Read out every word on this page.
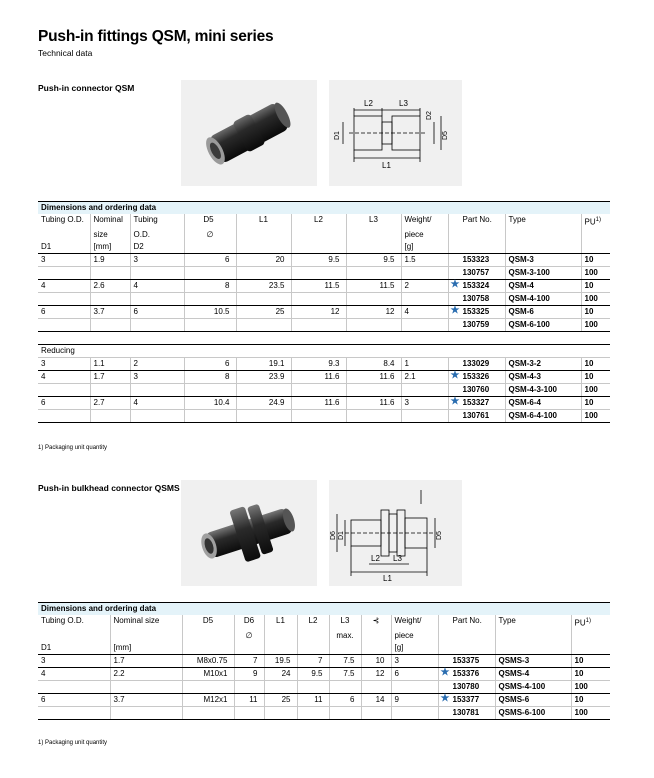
Push-in fittings QSM, mini series
Technical data
Push-in connector QSM
L2	L3
L1
D1
D2
D5
Dimensions and ordering data										
Tubing O.D.	Nominal	Tubing	D5	L1	L2	L3	Weight/	Part No.	Type	PU$^{1)}$
	size	O.D.	∅				piece			
D1	[mm]	D2					[g]			
3	1.9	3	6	20	9.5	9.5	1.5	153323	QSM-3	10
								130757	QSM-3-100	100
4	2.6	4	8	23.5	11.5	11.5	2	★ 153324	QSM-4	10
								130758	QSM-4-100	100
6	3.7	6	10.5	25	12	12	4	★ 153325	QSM-6	10
								130759	QSM-6-100	100

Reducing										
3	1.1	2	6	19.1	9.3	8.4	1	133029	QSM-3-2	10
4	1.7	3	8	23.9	11.6	11.6	2.1	★ 153326	QSM-4-3	10
								130760	QSM-4-3-100	100
6	2.7	4	10.4	24.9	11.6	11.6	3	★ 153327	QSM-6-4	10
								130761	QSM-6-4-100	100
1) Packaging unit quantity
Push-in bulkhead connector QSMS
L2 L3
L1
D6 D1	D5
Dimensions and ordering data											
Tubing O.D.	Nominal size	D5	D6	L1	L2	L3	⊰	Weight/	Part No.	Type	PU$^{1)}$
			∅			max.		piece			
D1	[mm]							[g]			
3	1.7	M8x0.75	7	19.5	7	7.5	10	3	153375	QSMS-3	10
4	2.2	M10x1	9	24	9.5	7.5	12	6	★ 153376	QSMS-4	10
									130780	QSMS-4-100	100
6	3.7	M12x1	11	25	11	6	14	9	★ 153377	QSMS-6	10
									130781	QSMS-6-100	100
1) Packaging unit quantity
